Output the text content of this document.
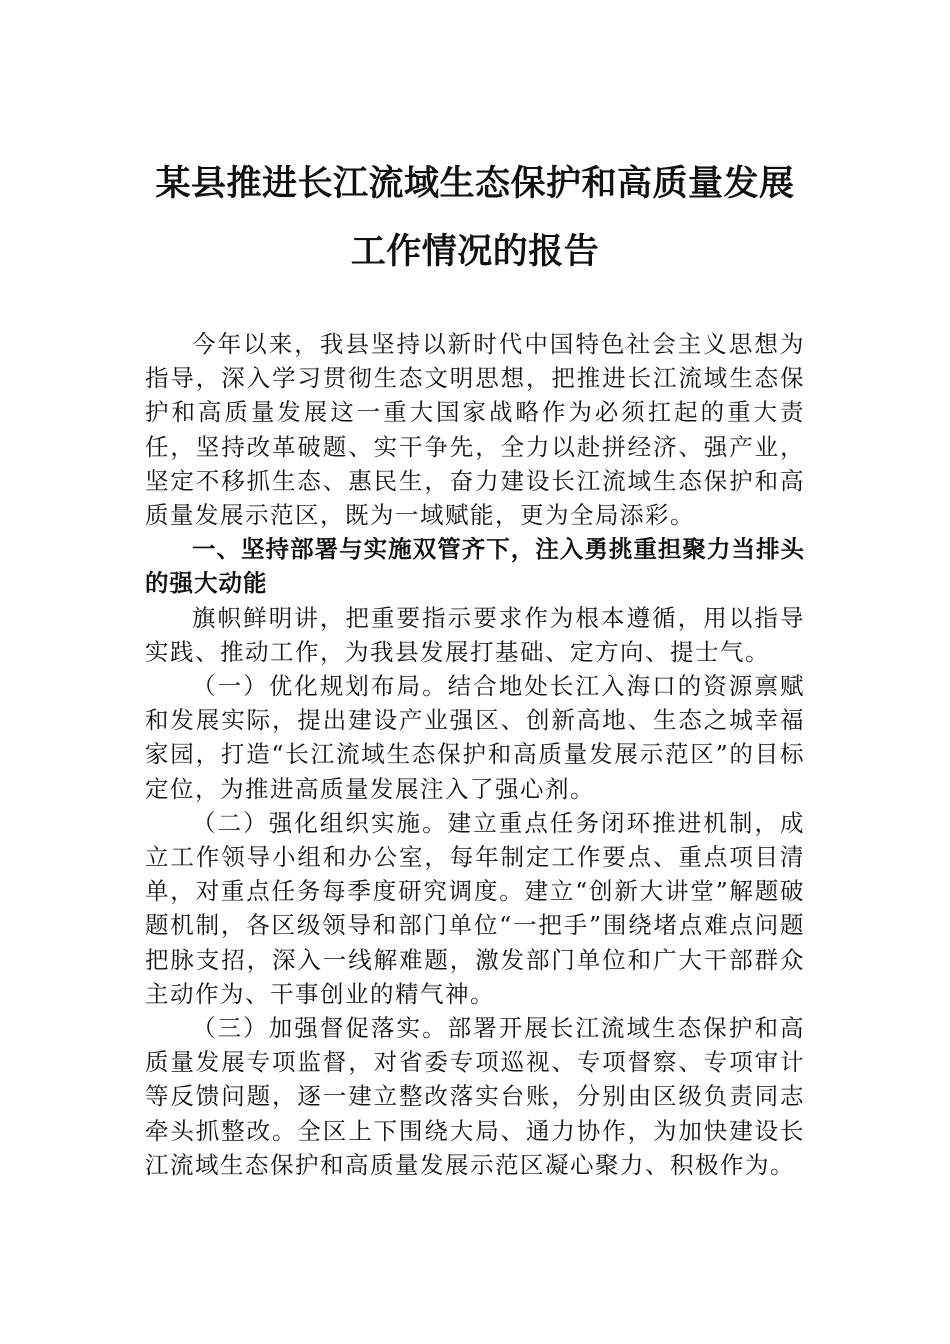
某县推进长江流域生态保护和高质量发展
工作情况的报告

今年以来，我县坚持以新时代中国特色社会主义思想为指导，深入学习贯彻生态文明思想，把推进长江流域生态保护和高质量发展这一重大国家战略作为必须扛起的重大责任，坚持改革破题、实干争先，全力以赴拼经济、强产业，坚定不移抓生态、惠民生，奋力建设长江流域生态保护和高质量发展示范区，既为一域赋能，更为全局添彩。

一、坚持部署与实施双管齐下，注入勇挑重担聚力当排头的强大动能

旗帜鲜明讲，把重要指示要求作为根本遵循，用以指导实践、推动工作，为我县发展打基础、定方向、提士气。

（一）优化规划布局。结合地处长江入海口的资源禀赋和发展实际，提出建设产业强区、创新高地、生态之城幸福家园，打造“长江流域生态保护和高质量发展示范区”的目标定位，为推进高质量发展注入了强心剂。

（二）强化组织实施。建立重点任务闭环推进机制，成立工作领导小组和办公室，每年制定工作要点、重点项目清单，对重点任务每季度研究调度。建立“创新大讲堂”解题破题机制，各区级领导和部门单位“一把手”围绕堵点难点问题把脉支招，深入一线解难题，激发部门单位和广大干部群众主动作为、干事创业的精气神。

（三）加强督促落实。部署开展长江流域生态保护和高质量发展专项监督，对省委专项巡视、专项督察、专项审计等反馈问题，逐一建立整改落实台账，分别由区级负责同志牵头抓整改。全区上下围绕大局、通力协作，为加快建设长江流域生态保护和高质量发展示范区凝心聚力、积极作为。
